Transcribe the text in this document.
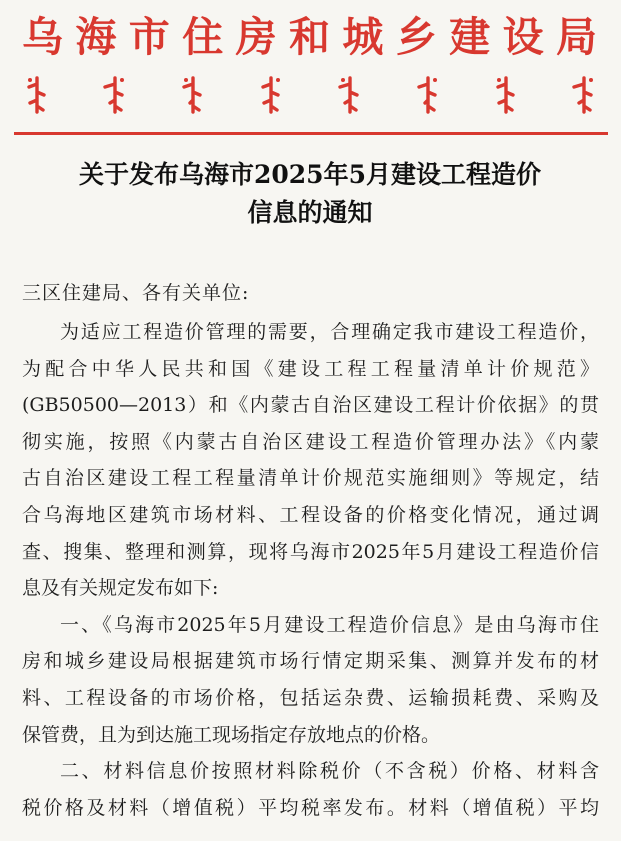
乌海市住房和城乡建设局
关于发布乌海市2025年5月建设工程造价
信息的通知

三区住建局、各有关单位:

为适应工程造价管理的需要，合理确定我市建设工程造价，
为配合中华人民共和国《建设工程工程量清单计价规范》
(GB50500—2013）和《内蒙古自治区建设工程计价依据》的贯
彻实施，按照《内蒙古自治区建设工程造价管理办法》《内蒙
古自治区建设工程工程量清单计价规范实施细则》等规定，结
合乌海地区建筑市场材料、工程设备的价格变化情况，通过调
查、搜集、整理和测算，现将乌海市2025年5月建设工程造价信
息及有关规定发布如下:

一、《乌海市2025年5月建设工程造价信息》是由乌海市住
房和城乡建设局根据建筑市场行情定期采集、测算并发布的材
料、工程设备的市场价格，包括运杂费、运输损耗费、采购及
保管费，且为到达施工现场指定存放地点的价格。

二、材料信息价按照材料除税价（不含税）价格、材料含
税价格及材料（增值税）平均税率发布。材料（增值税）平均
